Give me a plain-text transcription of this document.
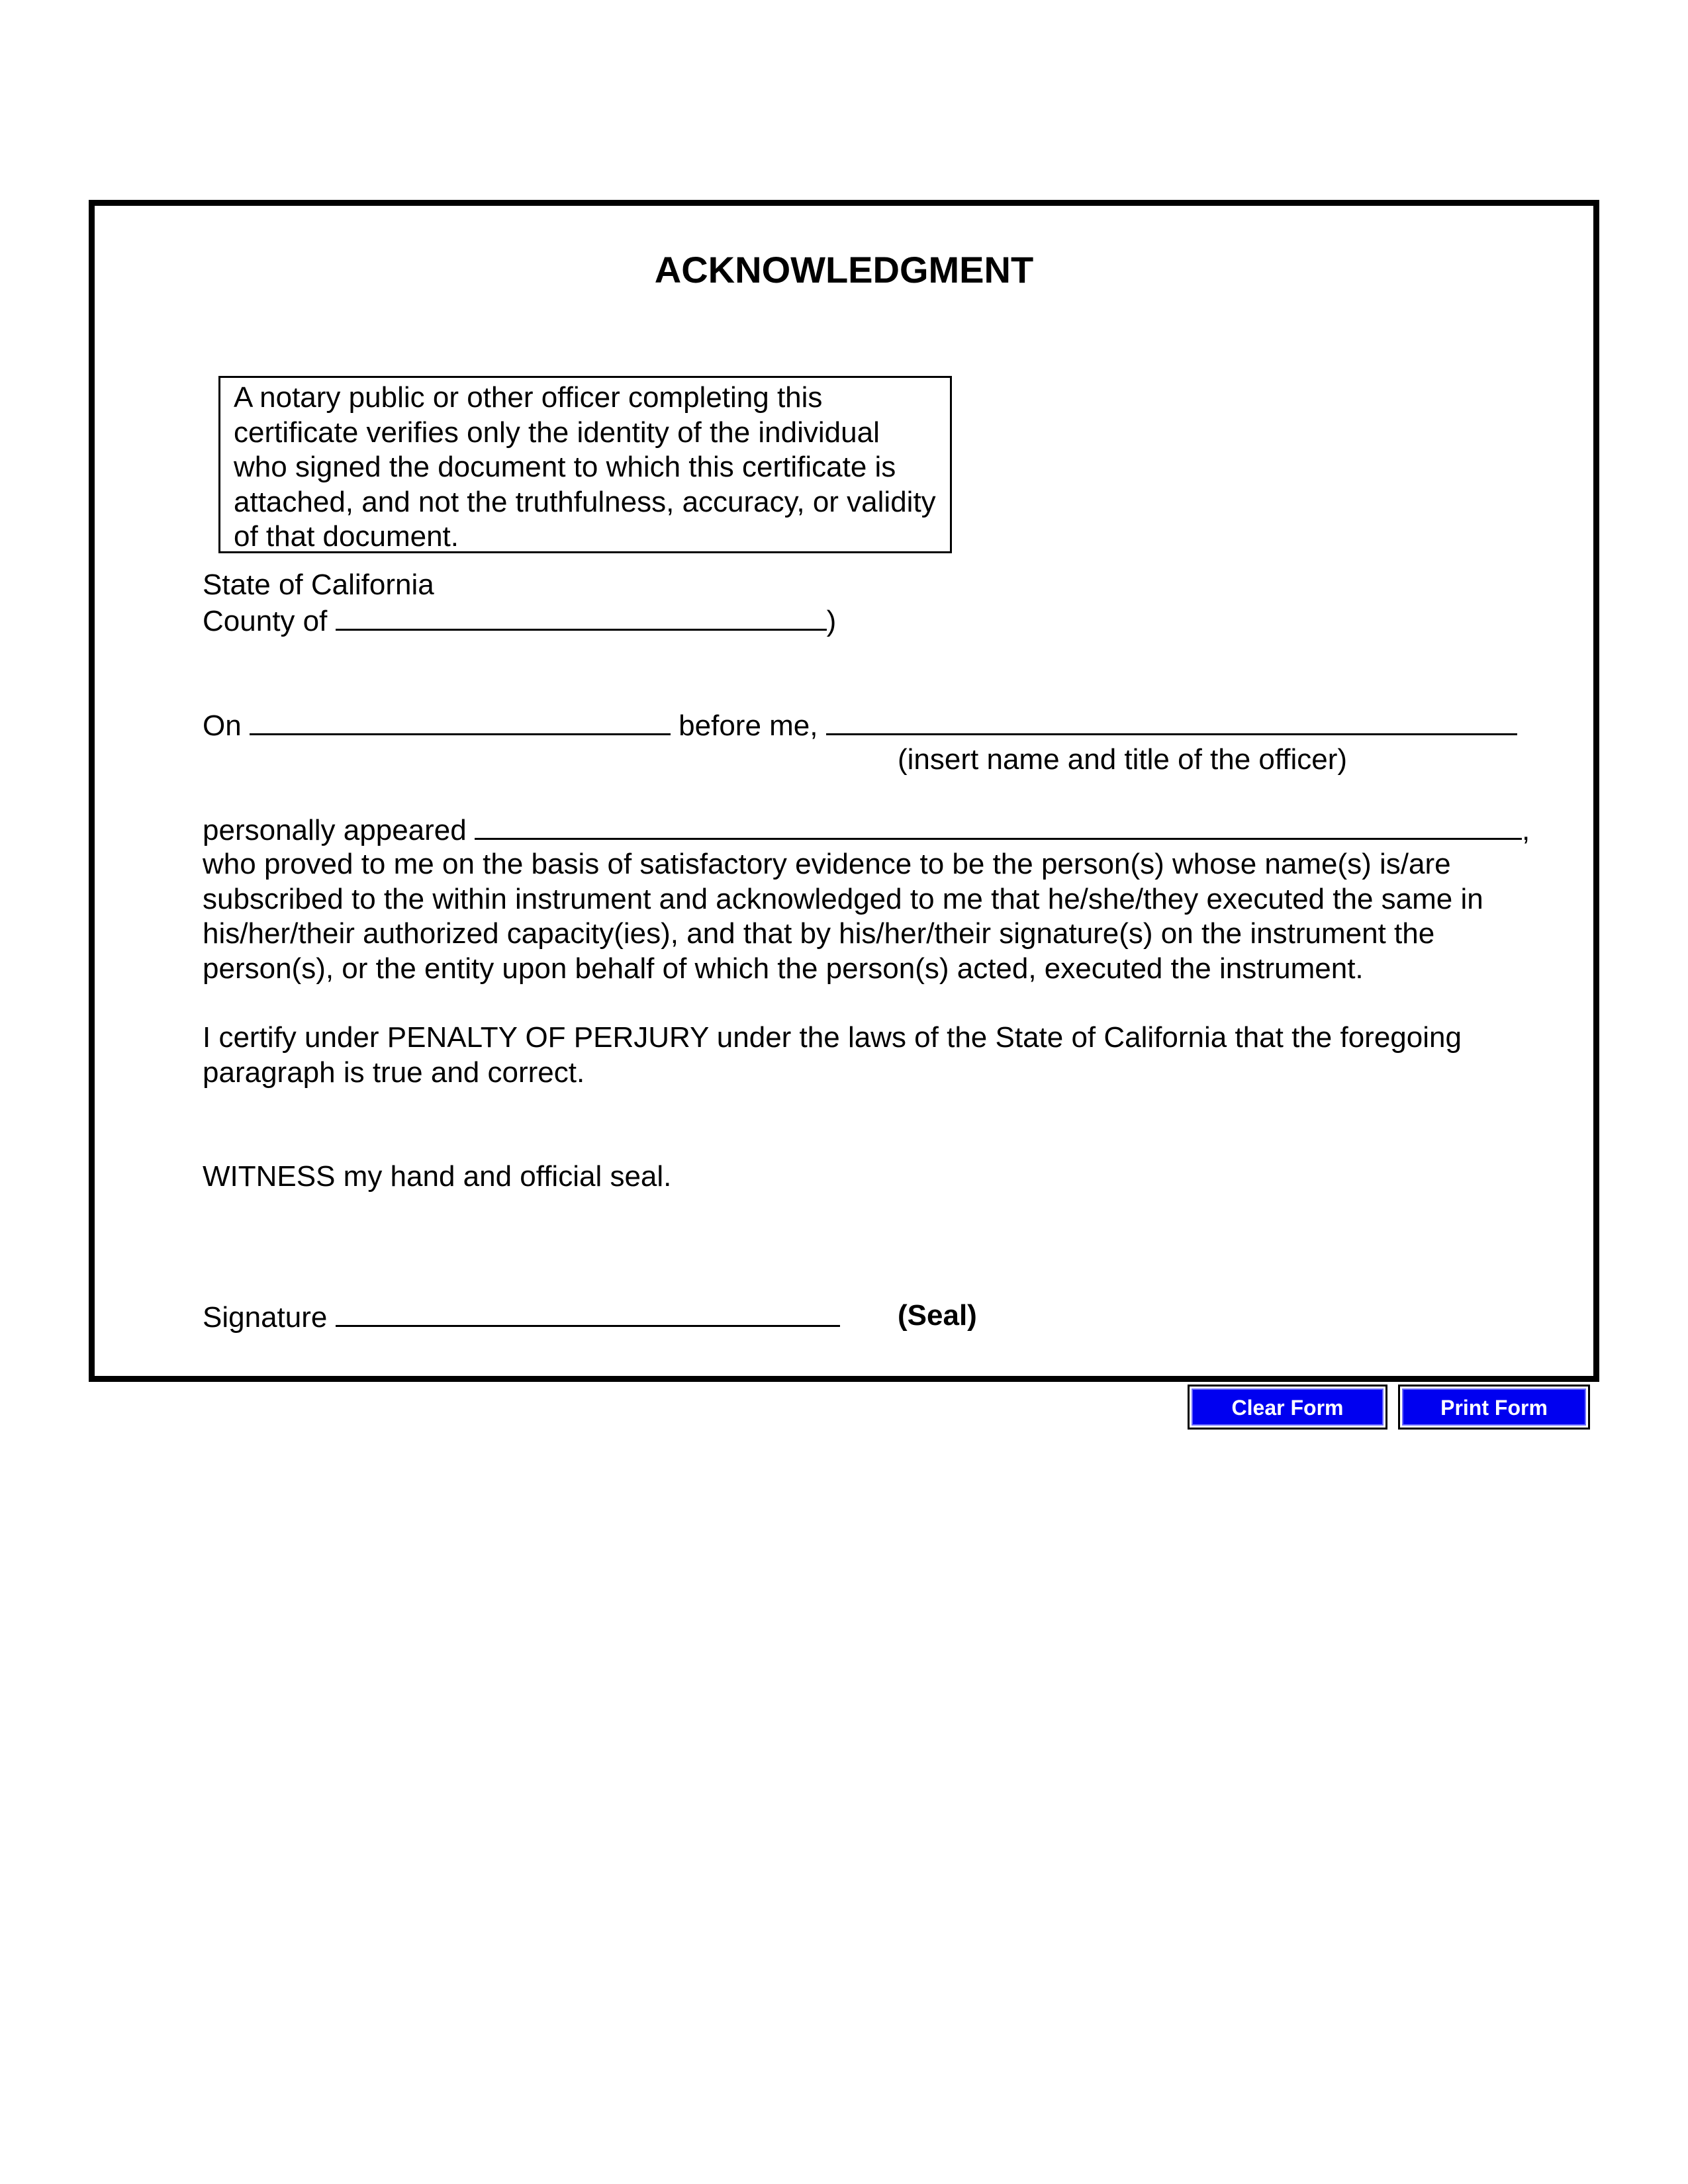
ACKNOWLEDGMENT
A notary public or other officer completing this certificate verifies only the identity of the individual who signed the document to which this certificate is attached, and not the truthfulness, accuracy, or validity of that document.
State of California
County of	)
On	before me,
(insert name and title of the officer)
personally appeared	,
who proved to me on the basis of satisfactory evidence to be the person(s) whose name(s) is/are subscribed to the within instrument and acknowledged to me that he/she/they executed the same in his/her/their authorized capacity(ies), and that by his/her/their signature(s) on the instrument the person(s), or the entity upon behalf of which the person(s) acted, executed the instrument.
I certify under PENALTY OF PERJURY under the laws of the State of California that the foregoing paragraph is true and correct.
WITNESS my hand and official seal.
Signature	(Seal)
Clear Form	Print Form
